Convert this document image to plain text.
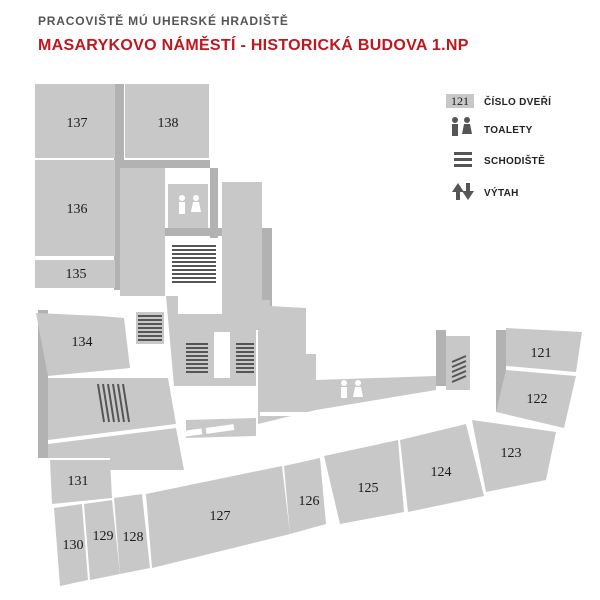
PRACOVIŠTĚ MÚ UHERSKÉ HRADIŠTĚ
MASARYKOVO NÁMĚSTÍ - HISTORICKÁ BUDOVA 1.NP
137	138
136
135
134
121
122
123
124
125
126
127
128
129
130
131
121 ČÍSLO DVEŘÍ
TOALETY
SCHODIŠTĚ
VÝTAH
